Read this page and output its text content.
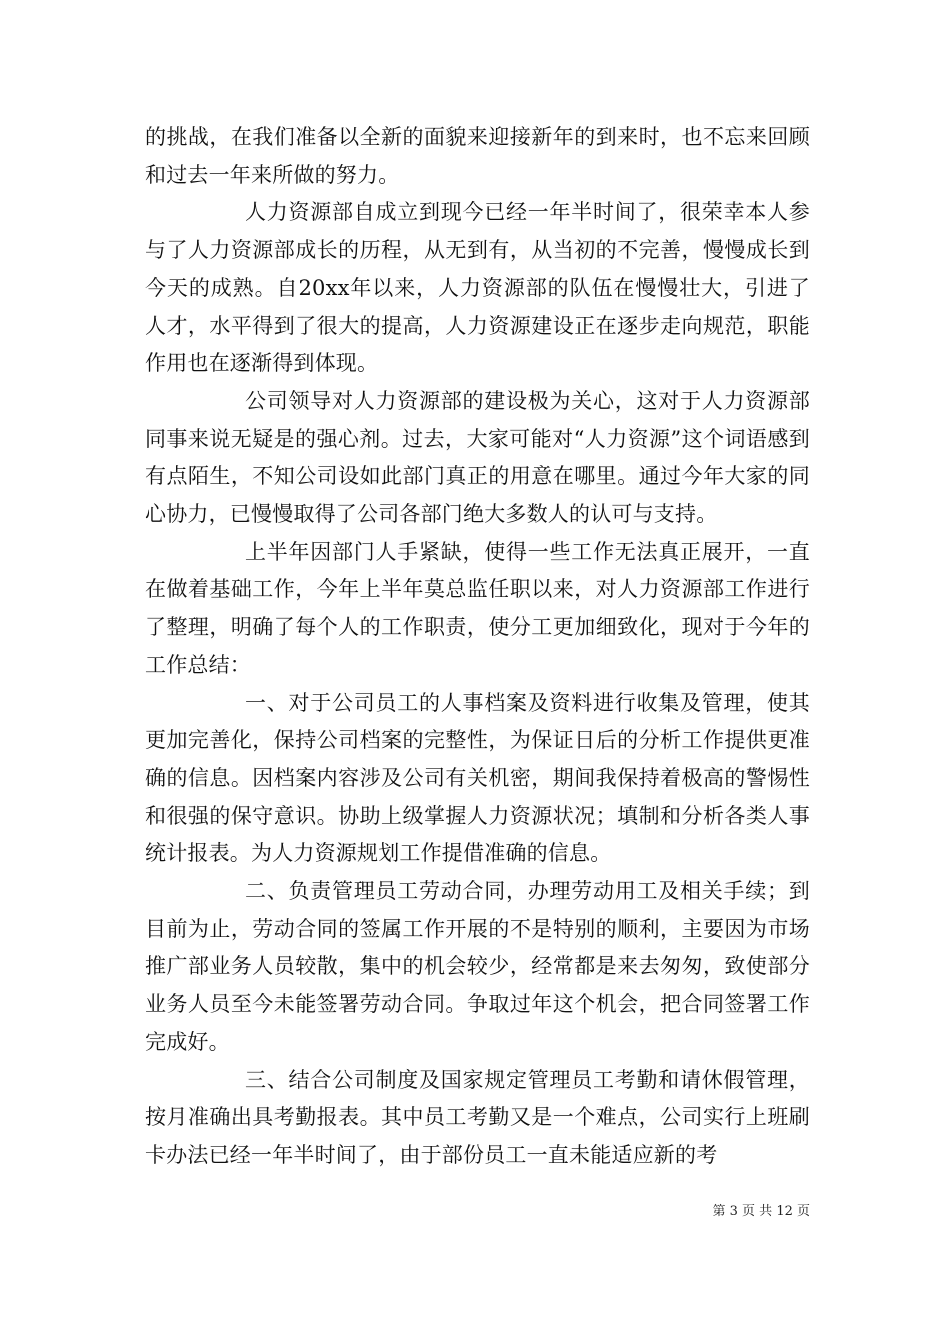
的挑战，在我们准备以全新的面貌来迎接新年的到来时，也不忘来回顾和过去一年来所做的努力。

人力资源部自成立到现今已经一年半时间了，很荣幸本人参与了人力资源部成长的历程，从无到有，从当初的不完善，慢慢成长到今天的成熟。自20xx年以来，人力资源部的队伍在慢慢壮大，引进了人才，水平得到了很大的提高，人力资源建设正在逐步走向规范，职能作用也在逐渐得到体现。

公司领导对人力资源部的建设极为关心，这对于人力资源部同事来说无疑是的强心剂。过去，大家可能对“人力资源”这个词语感到有点陌生，不知公司设如此部门真正的用意在哪里。通过今年大家的同心协力，已慢慢取得了公司各部门绝大多数人的认可与支持。

上半年因部门人手紧缺，使得一些工作无法真正展开，一直在做着基础工作，今年上半年莫总监任职以来，对人力资源部工作进行了整理，明确了每个人的工作职责，使分工更加细致化，现对于今年的工作总结：

一、对于公司员工的人事档案及资料进行收集及管理，使其更加完善化，保持公司档案的完整性，为保证日后的分析工作提供更准确的信息。因档案内容涉及公司有关机密，期间我保持着极高的警惕性和很强的保守意识。协助上级掌握人力资源状况；填制和分析各类人事统计报表。为人力资源规划工作提借准确的信息。

二、负责管理员工劳动合同，办理劳动用工及相关手续；到目前为止，劳动合同的签属工作开展的不是特别的顺利，主要因为市场推广部业务人员较散，集中的机会较少，经常都是来去匆匆，致使部分业务人员至今未能签署劳动合同。争取过年这个机会，把合同签署工作完成好。

三、结合公司制度及国家规定管理员工考勤和请休假管理，按月准确出具考勤报表。其中员工考勤又是一个难点，公司实行上班刷卡办法已经一年半时间了，由于部份员工一直未能适应新的考

第 3 页 共 12 页
